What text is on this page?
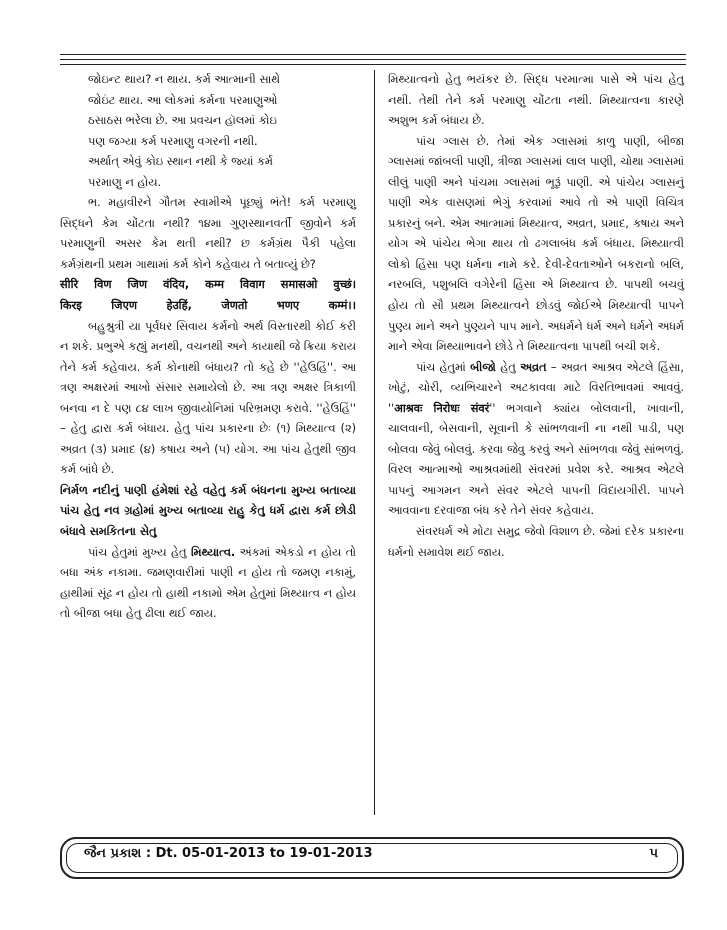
જોઇન્ટ થાય? ન થાય. કર્મ આત્માની સાથે

જોઇંટ થાય. આ લોકમાં કર્મના પરમાણુઓ

ઠસાઠસ ભરેલા છે. આ પ્રવચન હૉલમાં કોઇ

પણ જગ્યા કર્મ પરમાણુ વગરની નથી.

અર્થાત્ એવું કોઇ સ્થાન નથી કે જ્યાં કર્મ

પરમાણુ ન હોય.

ભ. મહાવીરને ગૌતમ સ્વામીએ પૂછ્યું ભંતે! કર્મ પરમાણુ સિદ્ધને કેમ ચોંટતા નથી? ૧૪મા ગુણસ્થાનવર્તી જીવોને કર્મ પરમાણુની અસર કેમ થતી નથી? છ કર્મગ્રંથ પૈકી પહેલા કર્મગ્રંથની પ્રથમ ગાથામાં કર્મ કોને કહેવાય તે બતાવ્યું છે?

सीरि विण जिण वंदिय, कम्म विवाग समासओ वुच्छं।

किरइ जिएण हेउहिं, जेणतो भणए कम्मं।।

બહુશ્રુત્રી યા પૂર્વધર સિવાય કર્મનો અર્થ વિસ્તારથી કોઈ કરી ન શકે. પ્રભુએ કહ્યું મનથી, વચનથી અને કાયાથી જે ક્રિયા કરાય તેને કર્મ કહેવાય. કર્મ કોનાથી બંધાય? તો કહે છે ''હેઉહિં''. આ ત્રણ અક્ષરમાં આખો સંસાર સમાયેલો છે. આ ત્રણ અક્ષર ત્રિકાળી બનવા ન દે પણ ૮૪ લાખ જીવાયોનિમાં પરિભ્રમણ કરાવે. ''હેઉહિં'' – હેતુ દ્વારા કર્મ બંધાય. હેતુ પાંચ પ્રકારના છેઃ (૧) મિથ્યાત્વ (૨) અવ્રત (૩) પ્રમાદ (૪) કષાય અને (૫) યોગ. આ પાંચ હેતુથી જીવ કર્મ બાંધે છે.

નિર્મળ નદીનું પાણી હંમેશાં રહે વહેતુ કર્મ બંધનના મુખ્ય બતાવ્યા પાંચ હેતુ નવ ગ્રહોમાં મુખ્ય બતાવ્યા રાહુ કેતુ ધર્મ દ્વારા કર્મ છોડી બંધાવે સમકિતના સેતુ

પાંચ હેતુમાં મુખ્ય હેતુ મિથ્યાત્વ. અંકમાં એકડો ન હોય તો બધા અંક નકામા. જમણવારીમાં પાણી ન હોય તો જમણ નકામું, હાથીમાં સૂંઢ ન હોય તો હાથી નકામો એમ હેતુમાં મિથ્યાત્વ ન હોય તો બીજા બધા હેતુ ઢીલા થઈ જાય.

મિથ્યાત્વનો હેતુ ભયંકર છે. સિદ્ધ પરમાત્મા પાસે એ પાંચ હેતુ નથી. તેથી તેને કર્મ પરમાણુ ચોંટતા નથી. મિથ્યાત્વના કારણે અશુભ કર્મ બંધાય છે.

પાંચ ગ્લાસ છે. તેમાં એક ગ્લાસમાં કાળુ પાણી, બીજા ગ્લાસમાં જાંબલી પાણી, ત્રીજા ગ્લાસમાં લાલ પાણી, ચોથા ગ્લાસમાં લીલું પાણી અને પાંચમા ગ્લાસમાં ભૂરૂં પાણી. એ પાંચેય ગ્લાસનું પાણી એક વાસણમાં ભેગું કરવામાં આવે તો એ પાણી વિચિત્ર પ્રકારનું બને. એમ આત્મામાં મિથ્યાત્વ, અવ્રત, પ્રમાદ, કષાય અને યોગ એ પાંચેય ભેગા થાય તો ઢગલાબંધ કર્મ બંધાય. મિથ્યાત્વી લોકો હિંસા પણ ધર્મના નામે કરે. દેવી-દેવતાઓને બકરાનો બલિ, નરબલિ, પશુબલિ વગેરેની હિંસા એ મિથ્યાત્વ છે. પાપથી બચવું હોય તો સૌ પ્રથમ મિથ્યાત્વને છોડવું જોઈએ મિથ્યાત્વી પાપને પુણ્ય માને અને પુણ્યને પાપ માને. અધર્મને ધર્મ અને ધર્મને અધર્મ માને એવા મિથ્યાભાવને છોડે તે મિથ્યાત્વના પાપથી બચી શકે.

પાંચ હેતુમાં બીજો હેતુ અવ્રત – અવ્રત આશ્રવ એટલે હિંસા, ખોટું, ચોરી, વ્યભિચારને અટકાવવા માટે વિરતિભાવમાં આવવું. ''आश्रवः निरोधः संवरं'' ભગવાને ક્યાંય બોલવાની, ખાવાની, ચાલવાની, બેસવાની, સૂવાની કે સાંભળવાની ના નથી પાડી, પણ બોલવા જેવું બોલવું. કરવા જેવુ કરવું અને સાંભળવા જેવું સાંભળવું. વિરલ આત્માઓ આશ્રવમાંથી સંવરમાં પ્રવેશ કરે. આશ્રવ એટલે પાપનું આગમન અને સંવર એટલે પાપની વિદાયગીરી. પાપને આવવાના દરવાજા બંધ કરે તેને સંવર કહેવાય.

સંવરધર્મ એ મોટા સમુદ્ર જેવો વિશાળ છે. જેમાં દરેક પ્રકારના ધર્મનો સમાવેશ થઈ જાય.

જૈન પ્રકાશ : Dt. 05-01-2013 to 19-01-2013	૫
